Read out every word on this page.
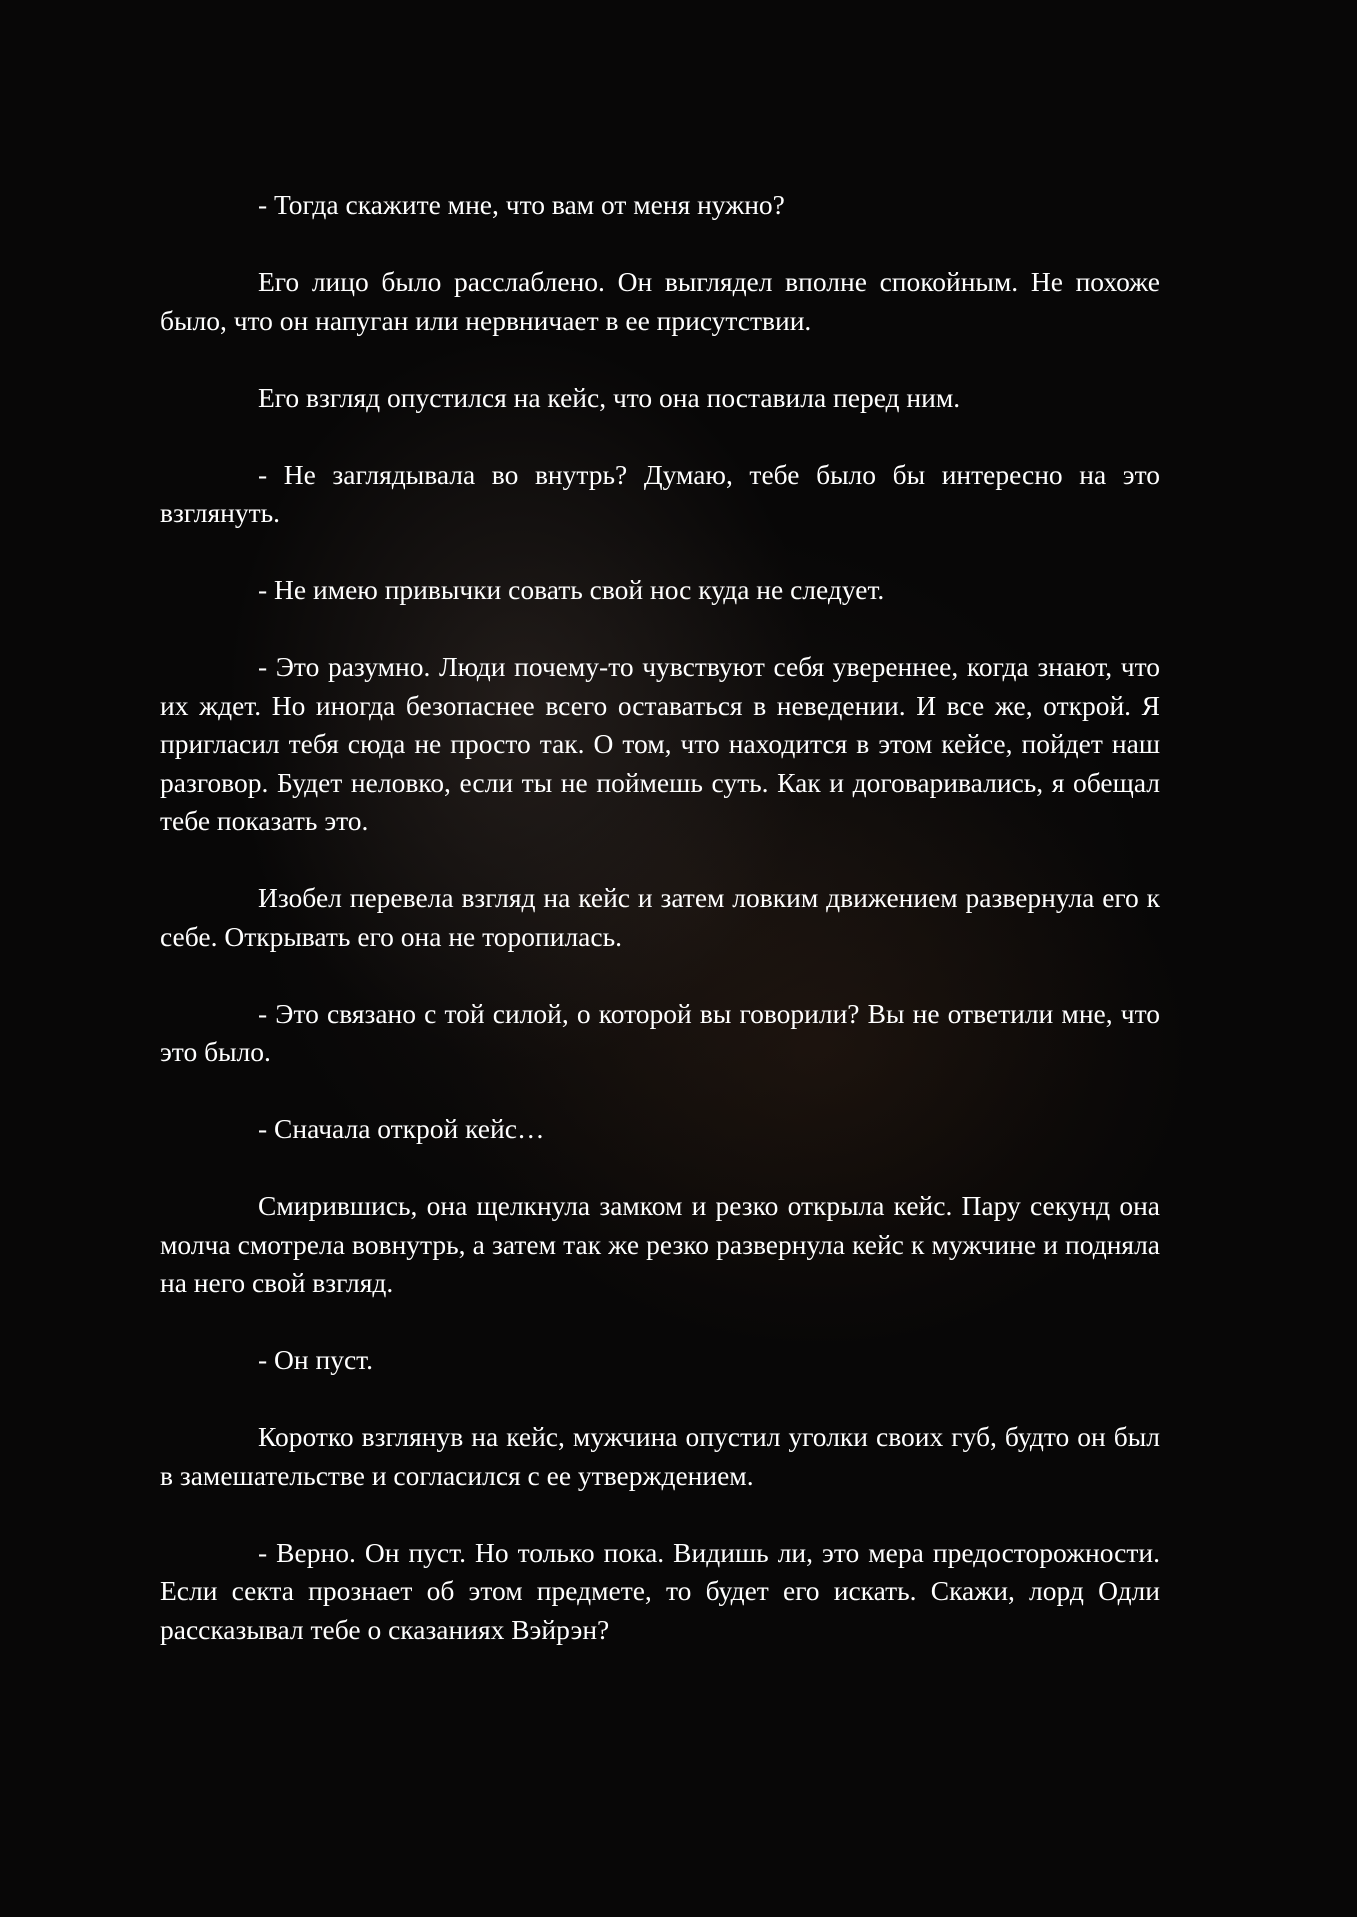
- Тогда скажите мне, что вам от меня нужно?

Его лицо было расслаблено. Он выглядел вполне спокойным. Не похоже было, что он напуган или нервничает в ее присутствии.

Его взгляд опустился на кейс, что она поставила перед ним.

- Не заглядывала во внутрь? Думаю, тебе было бы интересно на это взглянуть.

- Не имею привычки совать свой нос куда не следует.

- Это разумно. Люди почему-то чувствуют себя увереннее, когда знают, что их ждет. Но иногда безопаснее всего оставаться в неведении. И все же, открой. Я пригласил тебя сюда не просто так. О том, что находится в этом кейсе, пойдет наш разговор. Будет неловко, если ты не поймешь суть. Как и договаривались, я обещал тебе показать это.

Изобел перевела взгляд на кейс и затем ловким движением развернула его к себе. Открывать его она не торопилась.

- Это связано с той силой, о которой вы говорили? Вы не ответили мне, что это было.

- Сначала открой кейс…

Смирившись, она щелкнула замком и резко открыла кейс. Пару секунд она молча смотрела вовнутрь, а затем так же резко развернула кейс к мужчине и подняла на него свой взгляд.

- Он пуст.

Коротко взглянув на кейс, мужчина опустил уголки своих губ, будто он был в замешательстве и согласился с ее утверждением.

- Верно. Он пуст. Но только пока. Видишь ли, это мера предосторожности. Если секта прознает об этом предмете, то будет его искать. Скажи, лорд Одли рассказывал тебе о сказаниях Вэйрэн?
